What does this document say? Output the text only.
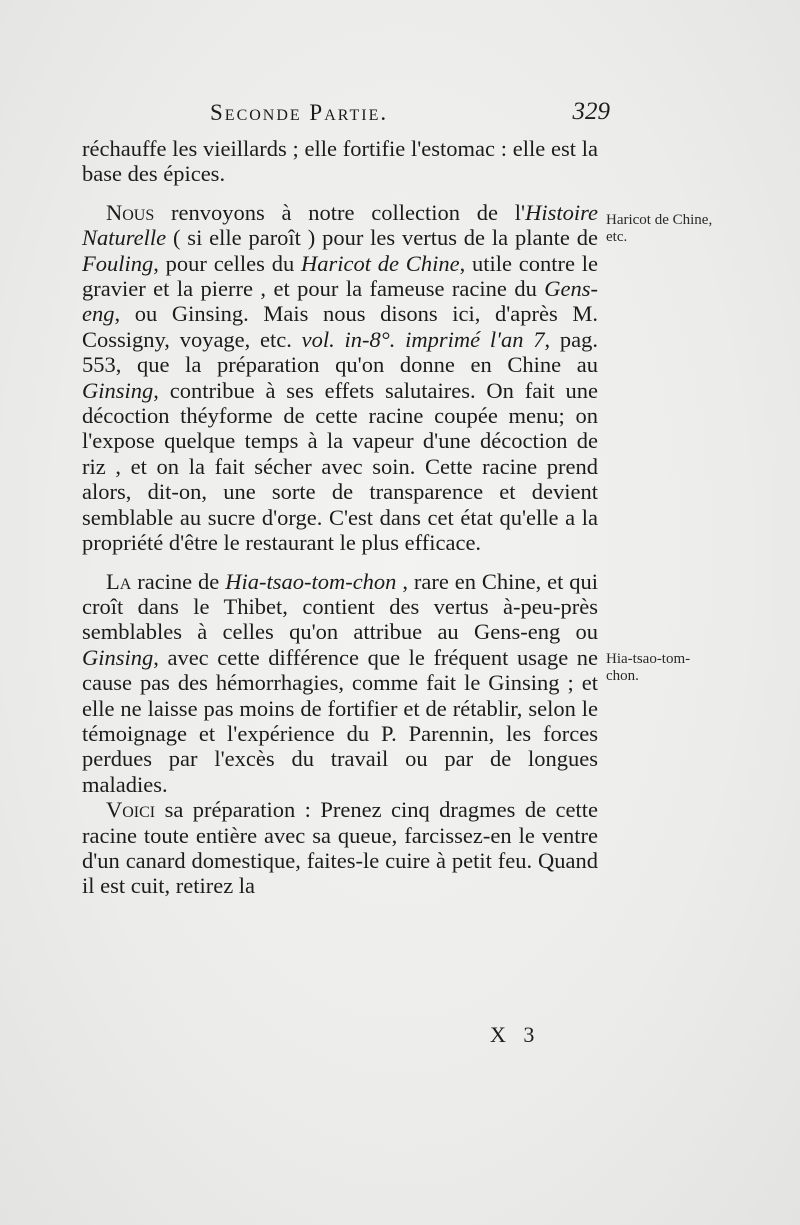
Seconde Partie.	329

réchauffe les vieillards ; elle fortifie l'estomac : elle est la base des épices.

Nous renvoyons à notre collection de l'Histoire Naturelle ( si elle paroît ) pour les vertus de la plante de Fouling, pour celles du Haricot de Chine, utile contre le gravier et la pierre , et pour la fameuse racine du Gens-eng, ou Ginsing. Mais nous disons ici, d'après M. Cossigny, voyage, etc. vol. in-8°. imprimé l'an 7, pag. 553, que la préparation qu'on donne en Chine au Ginsing, contribue à ses effets salutaires. On fait une décoction théyforme de cette racine coupée menu; on l'expose quelque temps à la vapeur d'une décoction de riz , et on la fait sécher avec soin. Cette racine prend alors, dit-on, une sorte de transparence et devient semblable au sucre d'orge. C'est dans cet état qu'elle a la propriété d'être le restaurant le plus efficace.

La racine de Hia-tsao-tom-chon , rare en Chine, et qui croît dans le Thibet, contient des vertus à-peu-près semblables à celles qu'on attribue au Gens-eng ou Ginsing, avec cette différence que le fréquent usage ne cause pas des hémorrhagies, comme fait le Ginsing ; et elle ne laisse pas moins de fortifier et de rétablir, selon le témoignage et l'expérience du P. Parennin, les forces perdues par l'excès du travail ou par de longues maladies.

Voici sa préparation : Prenez cinq dragmes de cette racine toute entière avec sa queue, farcissez-en le ventre d'un canard domestique, faites-le cuire à petit feu. Quand il est cuit, retirez la

Haricot de Chine, etc.
Hia-tsao-tom-chon.
X 3
